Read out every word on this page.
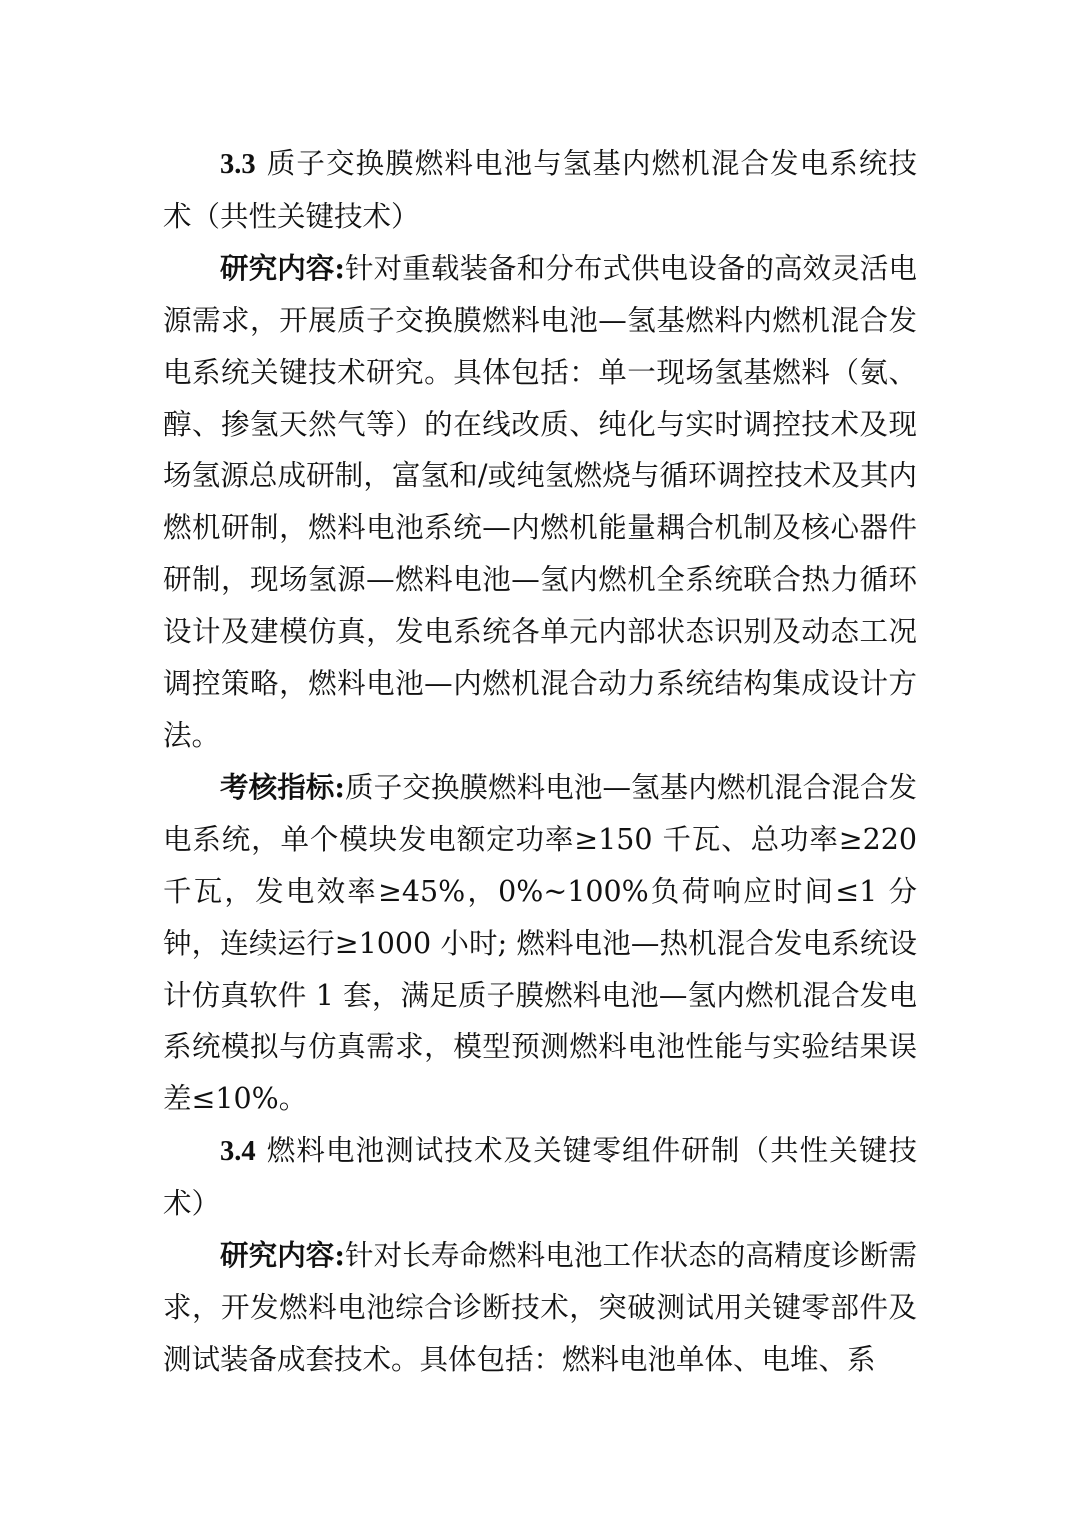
3.3 质子交换膜燃料电池与氢基内燃机混合发电系统技术（共性关键技术）

研究内容:针对重载装备和分布式供电设备的高效灵活电源需求，开展质子交换膜燃料电池—氢基燃料内燃机混合发电系统关键技术研究。具体包括：单一现场氢基燃料（氨、醇、掺氢天然气等）的在线改质、纯化与实时调控技术及现场氢源总成研制，富氢和/或纯氢燃烧与循环调控技术及其内燃机研制，燃料电池系统—内燃机能量耦合机制及核心器件研制，现场氢源—燃料电池—氢内燃机全系统联合热力循环设计及建模仿真，发电系统各单元内部状态识别及动态工况调控策略，燃料电池—内燃机混合动力系统结构集成设计方法。

考核指标:质子交换膜燃料电池—氢基内燃机混合混合发电系统，单个模块发电额定功率≥150 千瓦、总功率≥220 千瓦，发电效率≥45%，0%~100%负荷响应时间≤1 分钟，连续运行≥1000 小时; 燃料电池—热机混合发电系统设计仿真软件 1 套，满足质子膜燃料电池—氢内燃机混合发电系统模拟与仿真需求，模型预测燃料电池性能与实验结果误差≤10%。

3.4 燃料电池测试技术及关键零组件研制（共性关键技术）

研究内容:针对长寿命燃料电池工作状态的高精度诊断需求，开发燃料电池综合诊断技术，突破测试用关键零部件及测试装备成套技术。具体包括：燃料电池单体、电堆、系
